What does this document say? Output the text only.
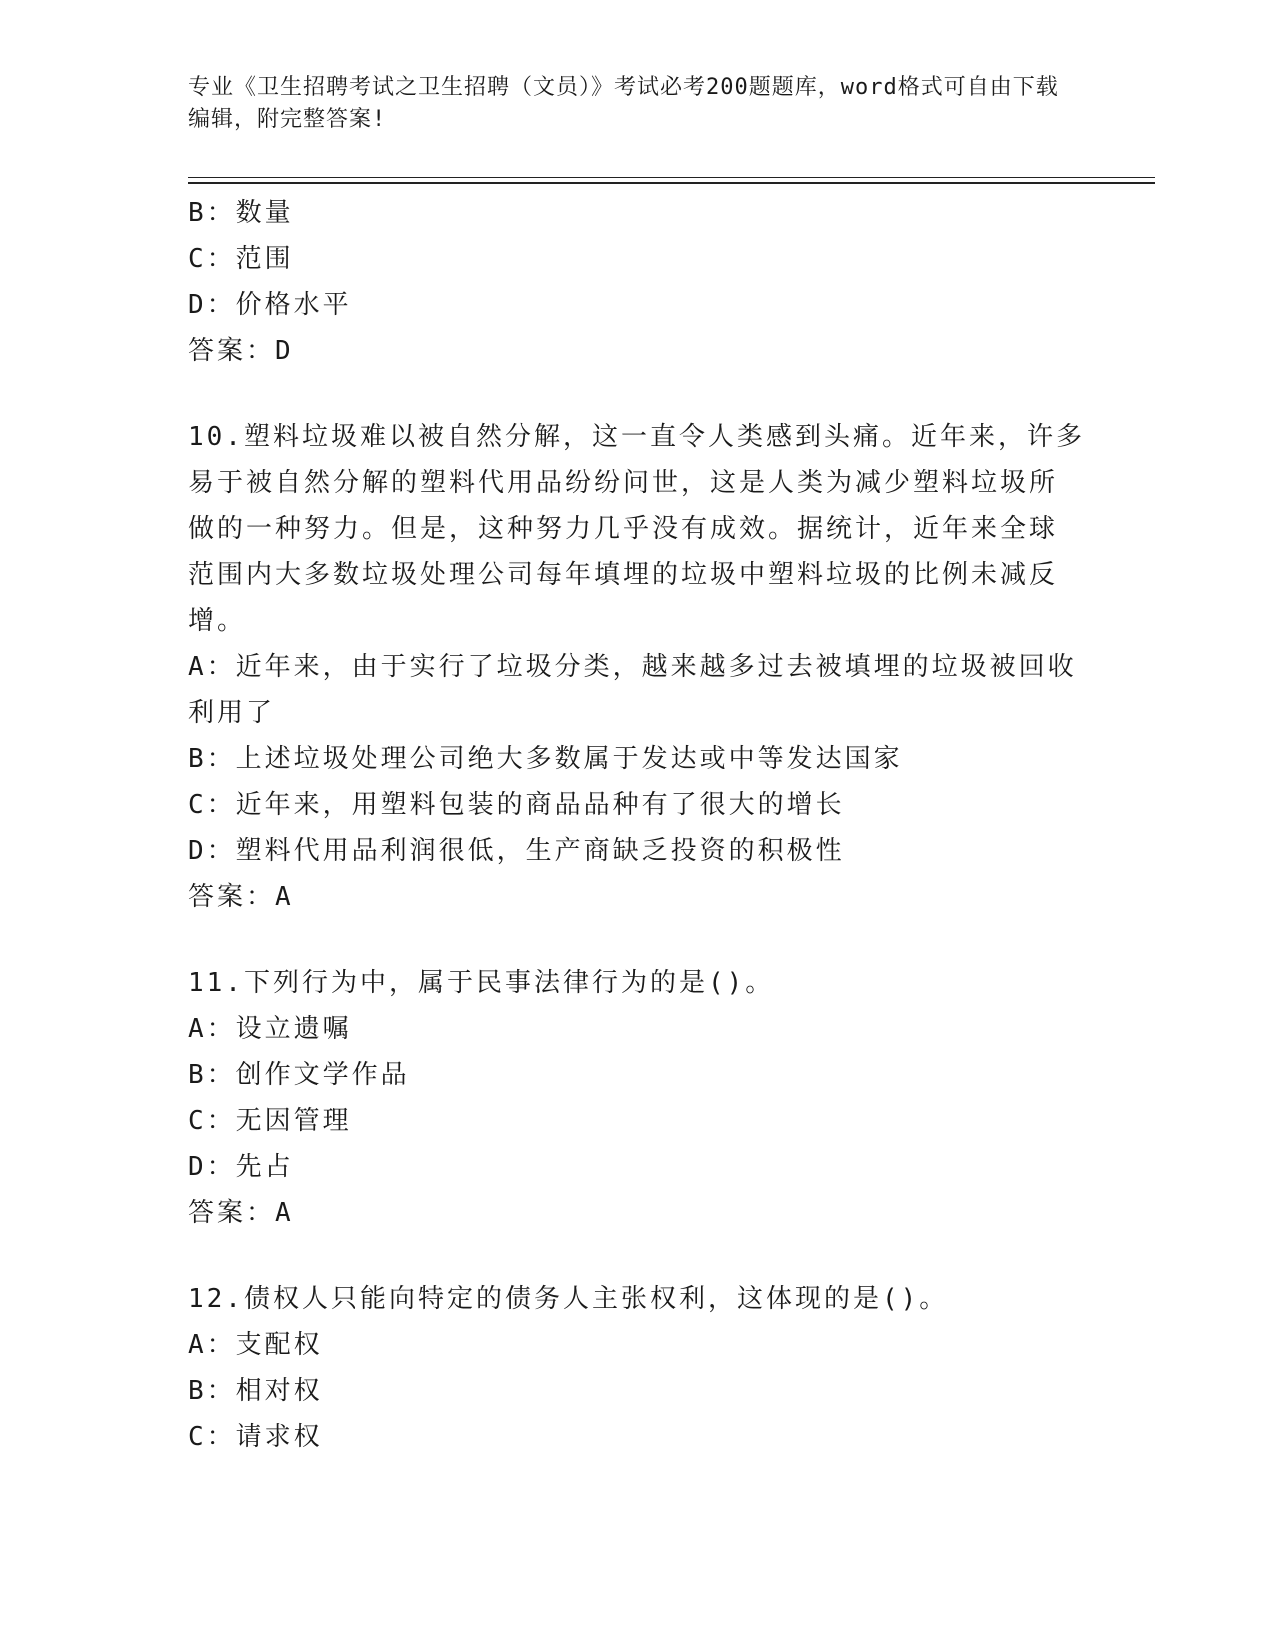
专业《卫生招聘考试之卫生招聘（文员）》考试必考200题题库，word格式可自由下载编辑，附完整答案!
B：数量
C：范围
D：价格水平
答案：D
10.塑料垃圾难以被自然分解，这一直令人类感到头痛。近年来，许多
易于被自然分解的塑料代用品纷纷问世，这是人类为减少塑料垃圾所
做的一种努力。但是，这种努力几乎没有成效。据统计，近年来全球
范围内大多数垃圾处理公司每年填埋的垃圾中塑料垃圾的比例未减反
增。
A：近年来，由于实行了垃圾分类，越来越多过去被填埋的垃圾被回收
利用了
B：上述垃圾处理公司绝大多数属于发达或中等发达国家
C：近年来，用塑料包装的商品品种有了很大的增长
D：塑料代用品利润很低，生产商缺乏投资的积极性
答案：A
11.下列行为中，属于民事法律行为的是()。
A：设立遗嘱
B：创作文学作品
C：无因管理
D：先占
答案：A
12.债权人只能向特定的债务人主张权利，这体现的是()。
A：支配权
B：相对权
C：请求权
